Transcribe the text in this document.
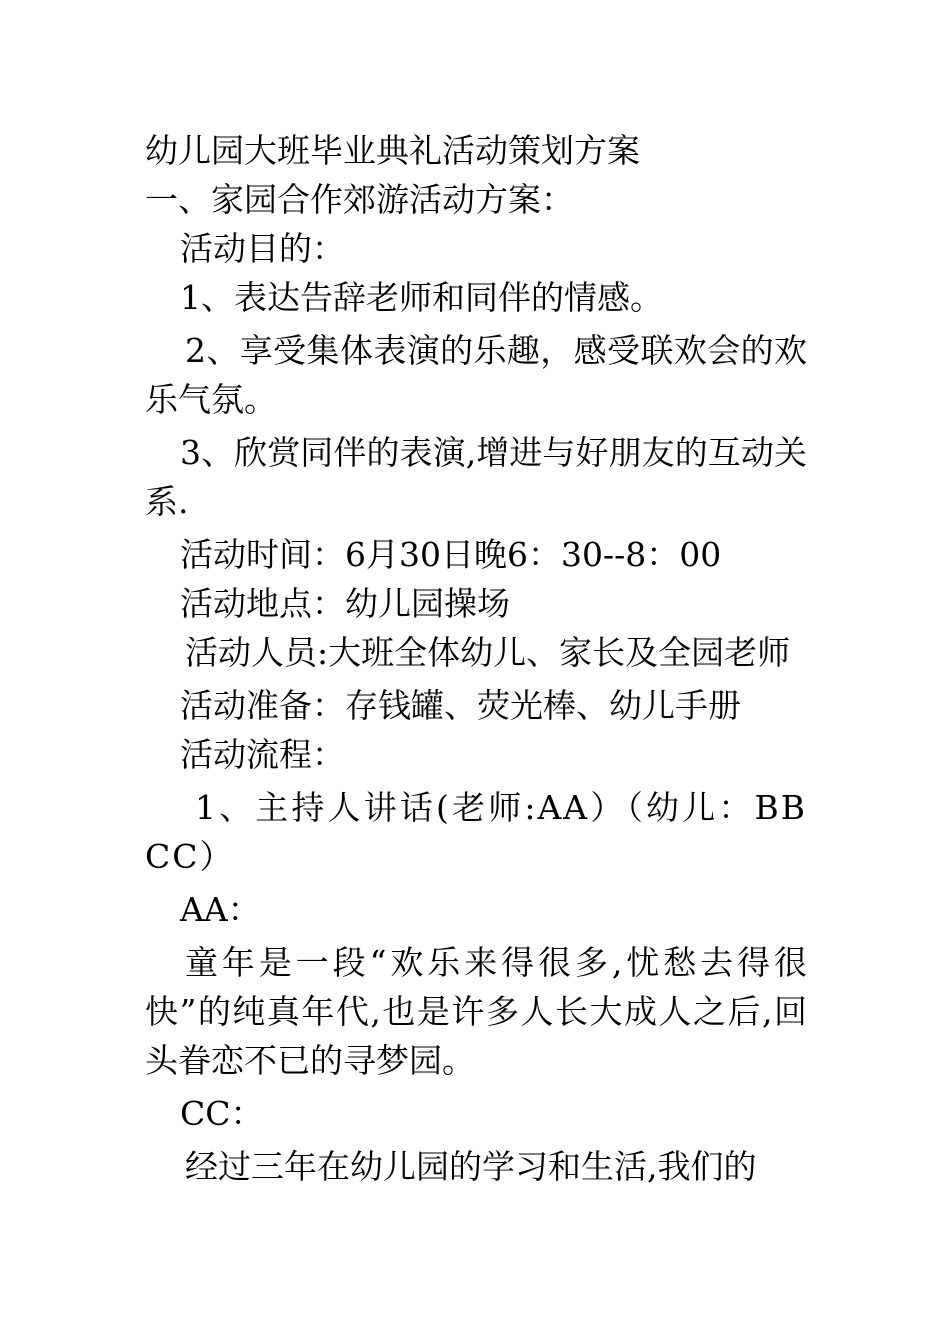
幼儿园大班毕业典礼活动策划方案

一、家园合作郊游活动方案：

活动目的：

1、表达告辞老师和同伴的情感。

2、享受集体表演的乐趣，感受联欢会的欢乐气氛。

3、欣赏同伴的表演,增进与好朋友的互动关系.

活动时间：6月30日晚6：30--8：00

活动地点：幼儿园操场

活动人员:大班全体幼儿、家长及全园老师

活动准备：存钱罐、荧光棒、幼儿手册

活动流程：

1、主持人讲话(老师:AA）（幼儿：BBCC）

AA：

童年是一段“欢乐来得很多,忧愁去得很快”的纯真年代,也是许多人长大成人之后,回头眷恋不已的寻梦园。

CC：

经过三年在幼儿园的学习和生活,我们的
